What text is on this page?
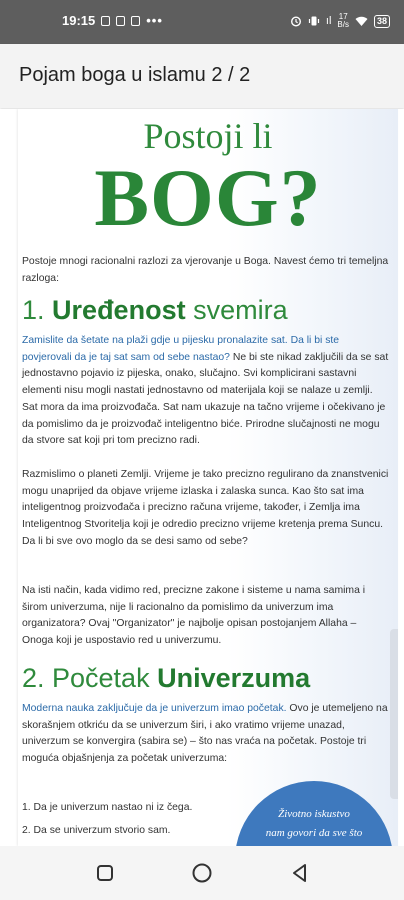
19:15	•••	ıl 17
B/s	38
Pojam boga u islamu 2 / 2
Postoji li
BOG?
Postoje mnogi racionalni razlozi za vjerovanje u Boga. Navest ćemo tri temeljna razloga:
1. Uređenost svemira
Zamislite da šetate na plaži gdje u pijesku pronalazite sat. Da li bi ste povjerovali da je taj sat sam od sebe nastao? Ne bi ste nikad zaključili da se sat jednostavno pojavio iz pijeska, onako, slučajno. Svi komplicirani sastavni elementi nisu mogli nastati jednostavno od materijala koji se nalaze u zemlji. Sat mora da ima proizvođača. Sat nam ukazuje na tačno vrijeme i očekivano je da pomislimo da je proizvođač inteligentno biće. Prirodne slučajnosti ne mogu da stvore sat koji pri tom precizno radi.
Razmislimo o planeti Zemlji. Vrijeme je tako precizno regulirano da znanstvenici mogu unaprijed da objave vrijeme izlaska i zalaska sunca. Kao što sat ima inteligentnog proizvođača i precizno računa vrijeme, također, i Zemlja ima Inteligentnog Stvoritelja koji je odredio precizno vrijeme kretenja prema Suncu. Da li bi sve ovo moglo da se desi samo od sebe?
Na isti način, kada vidimo red, precizne zakone i sisteme u nama samima i širom univerzuma, nije li racionalno da pomislimo da univerzum ima organizatora? Ovaj "Organizator" je najbolje opisan postojanjem Allaha – Onoga koji je uspostavio red u univerzumu.
2. Početak Univerzuma
Moderna nauka zaključuje da je univerzum imao početak. Ovo je utemeljeno na skorašnjem otkriću da se univerzum širi, i ako vratimo vrijeme unazad, univerzum se konvergira (sabira se) – što nas vraća na početak. Postoje tri moguća objašnjenja za početak univerzuma:
1. Da je univerzum nastao ni iz čega.
2. Da se univerzum stvorio sam.
Životno iskustvo
nam govori da sve što
